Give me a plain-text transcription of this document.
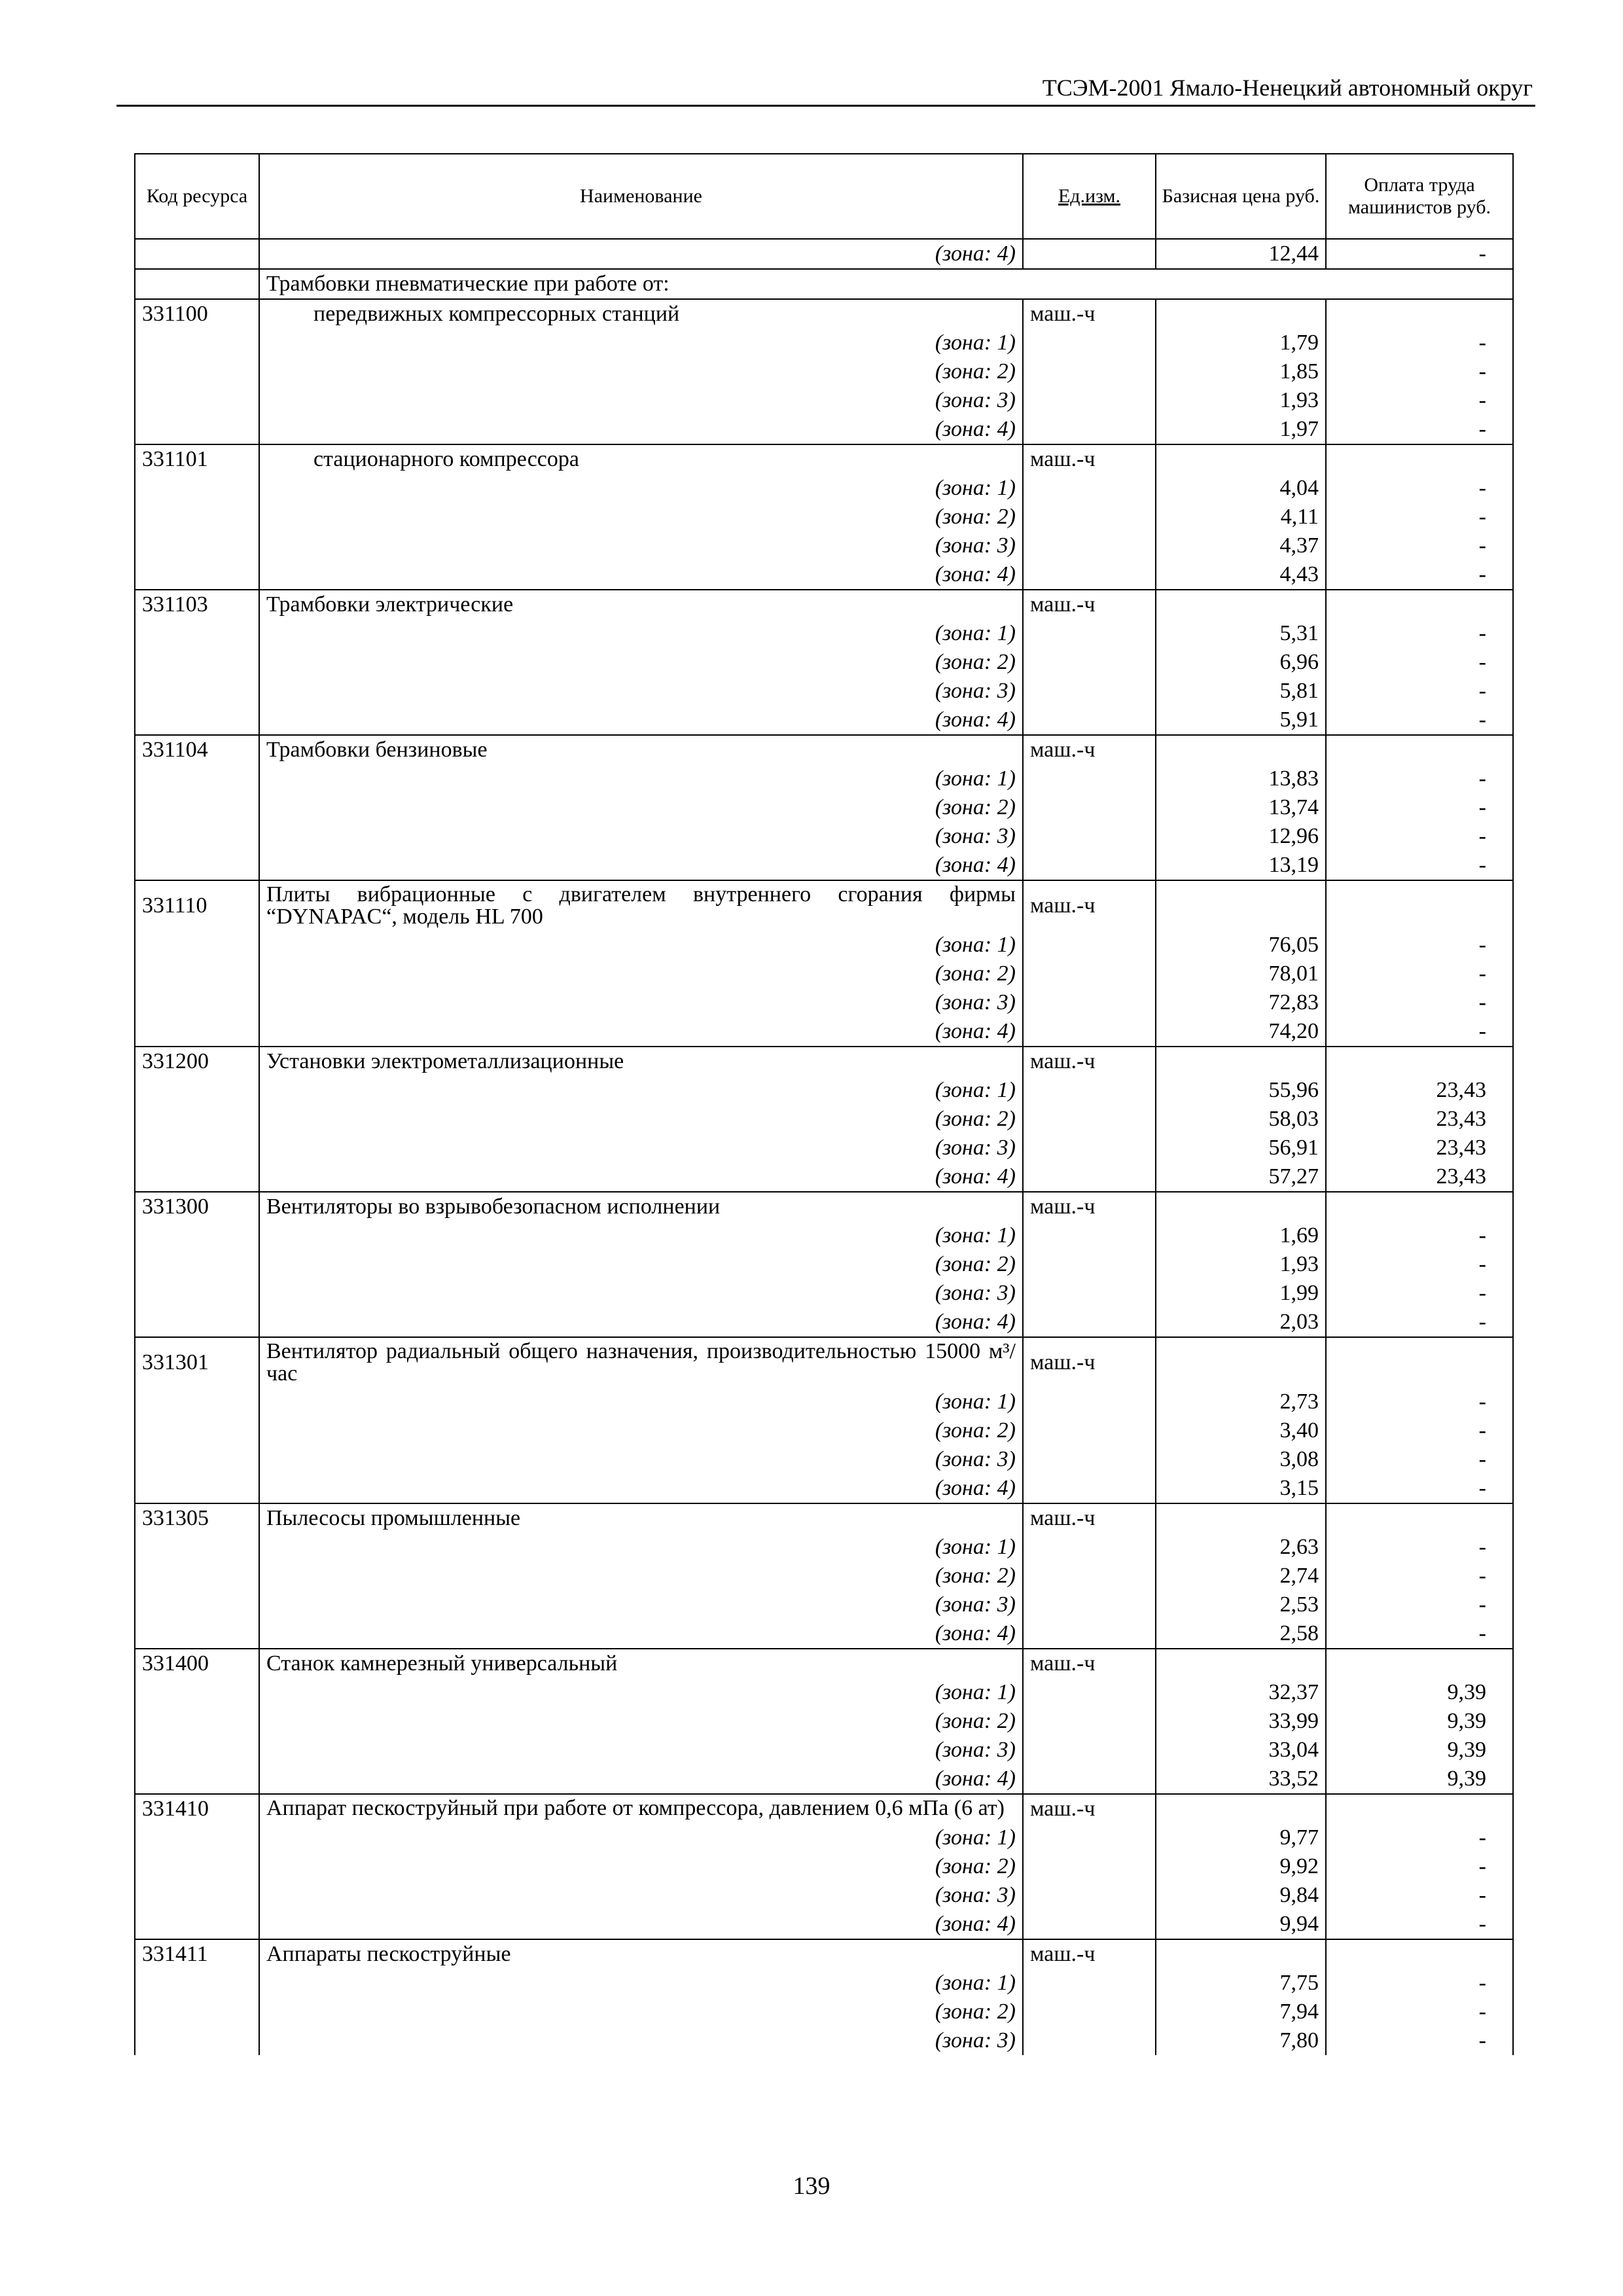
ТСЭМ-2001 Ямало-Ненецкий автономный округ
Код ресурса	Наименование	Ед.изм.	Базисная цена руб.	Оплата труда машинистов руб.
	(зона: 4)		12,44	-
	Трамбовки пневматические при работе от:			
331100	передвижных компрессорных станций	маш.-ч		
	(зона: 1)		1,79	-
	(зона: 2)		1,85	-
	(зона: 3)		1,93	-
	(зона: 4)		1,97	-
331101	стационарного компрессора	маш.-ч		
	(зона: 1)		4,04	-
	(зона: 2)		4,11	-
	(зона: 3)		4,37	-
	(зона: 4)		4,43	-
331103	Трамбовки электрические	маш.-ч		
	(зона: 1)		5,31	-
	(зона: 2)		6,96	-
	(зона: 3)		5,81	-
	(зона: 4)		5,91	-
331104	Трамбовки бензиновые	маш.-ч		
	(зона: 1)		13,83	-
	(зона: 2)		13,74	-
	(зона: 3)		12,96	-
	(зона: 4)		13,19	-
331110	Плиты вибрационные с двигателем внутреннего сгорания фирмы “DYNAPAC“, модель HL 700	маш.-ч		
	(зона: 1)		76,05	-
	(зона: 2)		78,01	-
	(зона: 3)		72,83	-
	(зона: 4)		74,20	-
331200	Установки электрометаллизационные	маш.-ч		
	(зона: 1)		55,96	23,43
	(зона: 2)		58,03	23,43
	(зона: 3)		56,91	23,43
	(зона: 4)		57,27	23,43
331300	Вентиляторы во взрывобезопасном исполнении	маш.-ч		
	(зона: 1)		1,69	-
	(зона: 2)		1,93	-
	(зона: 3)		1,99	-
	(зона: 4)		2,03	-
331301	Вентилятор радиальный общего назначения, производительностью 15000 м³/час	маш.-ч		
	(зона: 1)		2,73	-
	(зона: 2)		3,40	-
	(зона: 3)		3,08	-
	(зона: 4)		3,15	-
331305	Пылесосы промышленные	маш.-ч		
	(зона: 1)		2,63	-
	(зона: 2)		2,74	-
	(зона: 3)		2,53	-
	(зона: 4)		2,58	-
331400	Станок камнерезный универсальный	маш.-ч		
	(зона: 1)		32,37	9,39
	(зона: 2)		33,99	9,39
	(зона: 3)		33,04	9,39
	(зона: 4)		33,52	9,39
331410	Аппарат пескоструйный при работе от компрессора, давлением 0,6 мПа (6 ат)	маш.-ч		
	(зона: 1)		9,77	-
	(зона: 2)		9,92	-
	(зона: 3)		9,84	-
	(зона: 4)		9,94	-
331411	Аппараты пескоструйные	маш.-ч		
	(зона: 1)		7,75	-
	(зона: 2)		7,94	-
	(зона: 3)		7,80	-
139
